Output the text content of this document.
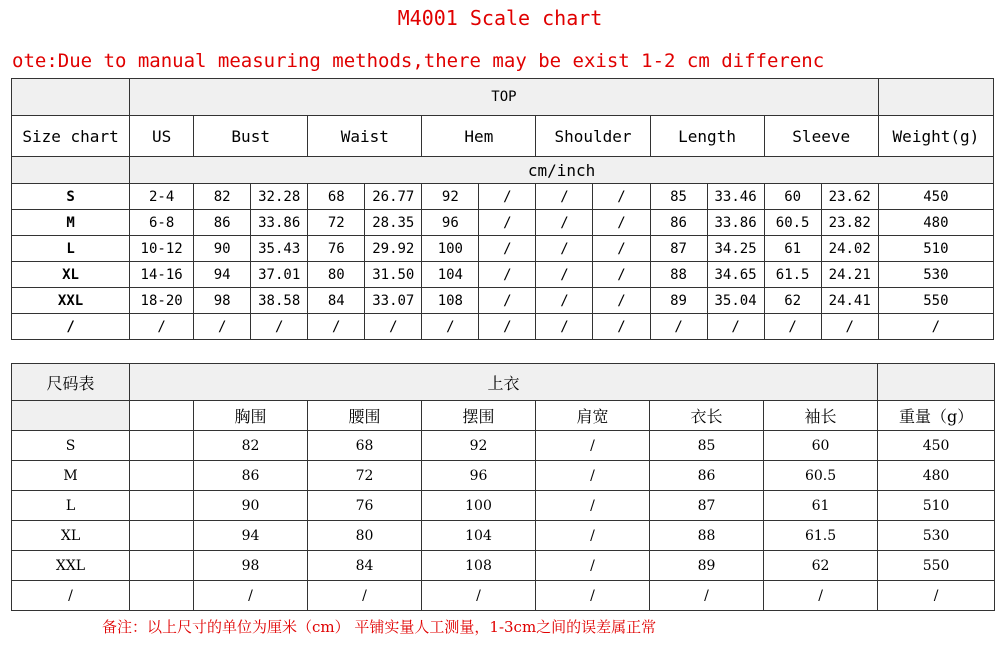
M4001 Scale chart
ote:Due to manual measuring methods,there may be exist 1-2 cm differenc
	TOP													
Size chart	US	Bust		Waist		Hem		Shoulder		Length		Sleeve		Weight(g)
	cm/inch													
S	2-4	82	32.28	68	26.77	92	/	/	/	85	33.46	60	23.62	450
M	6-8	86	33.86	72	28.35	96	/	/	/	86	33.86	60.5	23.82	480
L	10-12	90	35.43	76	29.92	100	/	/	/	87	34.25	61	24.02	510
XL	14-16	94	37.01	80	31.50	104	/	/	/	88	34.65	61.5	24.21	530
XXL	18-20	98	38.58	84	33.07	108	/	/	/	89	35.04	62	24.41	550
/	/	/	/	/	/	/	/	/	/	/	/	/	/	/
尺码表	上衣							
		胸围	腰围	摆围	肩宽	衣长	袖长	重量（g）
S		82	68	92	/	85	60	450
M		86	72	96	/	86	60.5	480
L		90	76	100	/	87	61	510
XL		94	80	104	/	88	61.5	530
XXL		98	84	108	/	89	62	550
/		/	/	/	/	/	/	/
备注：以上尺寸的单位为厘米（cm） 平铺实量人工测量，1-3cm之间的误差属正常
